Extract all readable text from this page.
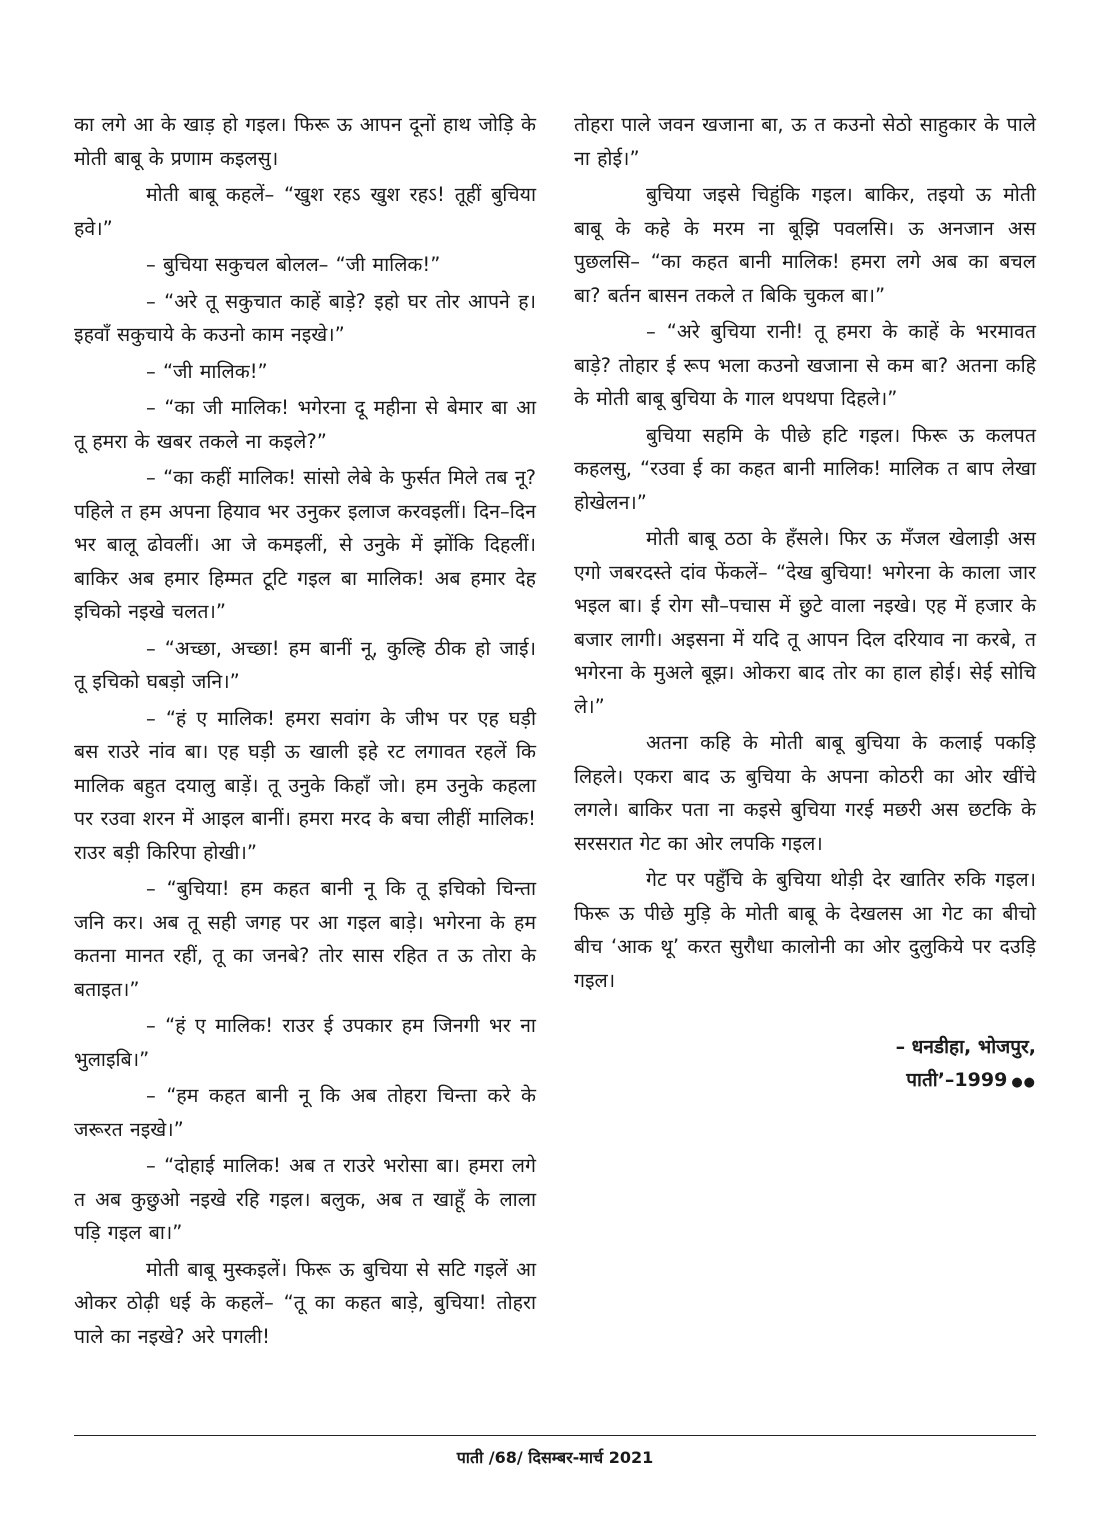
का लगे आ के खाड़ हो गइल। फिरू ऊ आपन दूनों हाथ जोड़ि के मोती बाबू के प्रणाम कइलसु।

मोती बाबू कहलें– “खुश रहऽ खुश रहऽ! तूहीं बुचिया हवे।”

– बुचिया सकुचल बोलल– “जी मालिक!”

– “अरे तू सकुचात काहें बाड़े? इहो घर तोर आपने ह। इहवाँ सकुचाये के कउनो काम नइखे।”

– “जी मालिक!”

– “का जी मालिक! भगेरना दू महीना से बेमार बा आ तू हमरा के खबर तकले ना कइले?”

– “का कहीं मालिक! सांसो लेबे के फुर्सत मिले तब नू? पहिले त हम अपना हियाव भर उनुकर इलाज करवइलीं। दिन–दिन भर बालू ढोवलीं। आ जे कमइलीं, से उनुके में झोंकि दिहलीं। बाकिर अब हमार हिम्मत टूटि गइल बा मालिक! अब हमार देह इचिको नइखे चलत।”

– “अच्छा, अच्छा! हम बानीं नू, कुल्हि ठीक हो जाई। तू इचिको घबड़ो जनि।”

– “हं ए मालिक! हमरा सवांग के जीभ पर एह घड़ी बस राउरे नांव बा। एह घड़ी ऊ खाली इहे रट लगावत रहलें कि मालिक बहुत दयालु बाड़ें। तू उनुके किहाँ जो। हम उनुके कहला पर रउवा शरन में आइल बानीं। हमरा मरद के बचा लीहीं मालिक! राउर बड़ी किरिपा होखी।”

– “बुचिया! हम कहत बानी नू कि तू इचिको चिन्ता जनि कर। अब तू सही जगह पर आ गइल बाड़े। भगेरना के हम कतना मानत रहीं, तू का जनबे? तोर सास रहित त ऊ तोरा के बताइत।”

– “हं ए मालिक! राउर ई उपकार हम जिनगी भर ना भुलाइबि।”

– “हम कहत बानी नू कि अब तोहरा चिन्ता करे के जरूरत नइखे।”

– “दोहाई मालिक! अब त राउरे भरोसा बा। हमरा लगे त अब कुछुओ नइखे रहि गइल। बलुक, अब त खाहूँ के लाला पड़ि गइल बा।”

मोती बाबू मुस्कइलें। फिरू ऊ बुचिया से सटि गइलें आ ओकर ठोढ़ी धई के कहलें– “तू का कहत बाड़े, बुचिया! तोहरा पाले का नइखे? अरे पगली!

तोहरा पाले जवन खजाना बा, ऊ त कउनो सेठो साहुकार के पाले ना होई।”

बुचिया जइसे चिहुंकि गइल। बाकिर, तइयो ऊ मोती बाबू के कहे के मरम ना बूझि पवलसि। ऊ अनजान अस पुछलसि– “का कहत बानी मालिक! हमरा लगे अब का बचल बा? बर्तन बासन तकले त बिकि चुकल बा।”

– “अरे बुचिया रानी! तू हमरा के काहें के भरमावत बाड़े? तोहार ई रूप भला कउनो खजाना से कम बा? अतना कहि के मोती बाबू बुचिया के गाल थपथपा दिहले।”

बुचिया सहमि के पीछे हटि गइल। फिरू ऊ कलपत कहलसु, “रउवा ई का कहत बानी मालिक! मालिक त बाप लेखा होखेलन।”

मोती बाबू ठठा के हँसले। फिर ऊ मँजल खेलाड़ी अस एगो जबरदस्ते दांव फेंकलें– “देख बुचिया! भगेरना के काला जार भइल बा। ई रोग सौ–पचास में छुटे वाला नइखे। एह में हजार के बजार लागी। अइसना में यदि तू आपन दिल दरियाव ना करबे, त भगेरना के मुअले बूझ। ओकरा बाद तोर का हाल होई। सेई सोचि ले।”

अतना कहि के मोती बाबू बुचिया के कलाई पकड़ि लिहले। एकरा बाद ऊ बुचिया के अपना कोठरी का ओर खींचे लगले। बाकिर पता ना कइसे बुचिया गरई मछरी अस छटकि के सरसरात गेट का ओर लपकि गइल।

गेट पर पहुँचि के बुचिया थोड़ी देर खातिर रुकि गइल। फिरू ऊ पीछे मुड़ि के मोती बाबू के देखलस आ गेट का बीचो बीच ‘आक थू’ करत सुरौधा कालोनी का ओर दुलुकिये पर दउड़ि गइल।

– धनडीहा, भोजपुर,
पाती’–1999 ●●
पाती /68/ दिसम्बर-मार्च 2021
